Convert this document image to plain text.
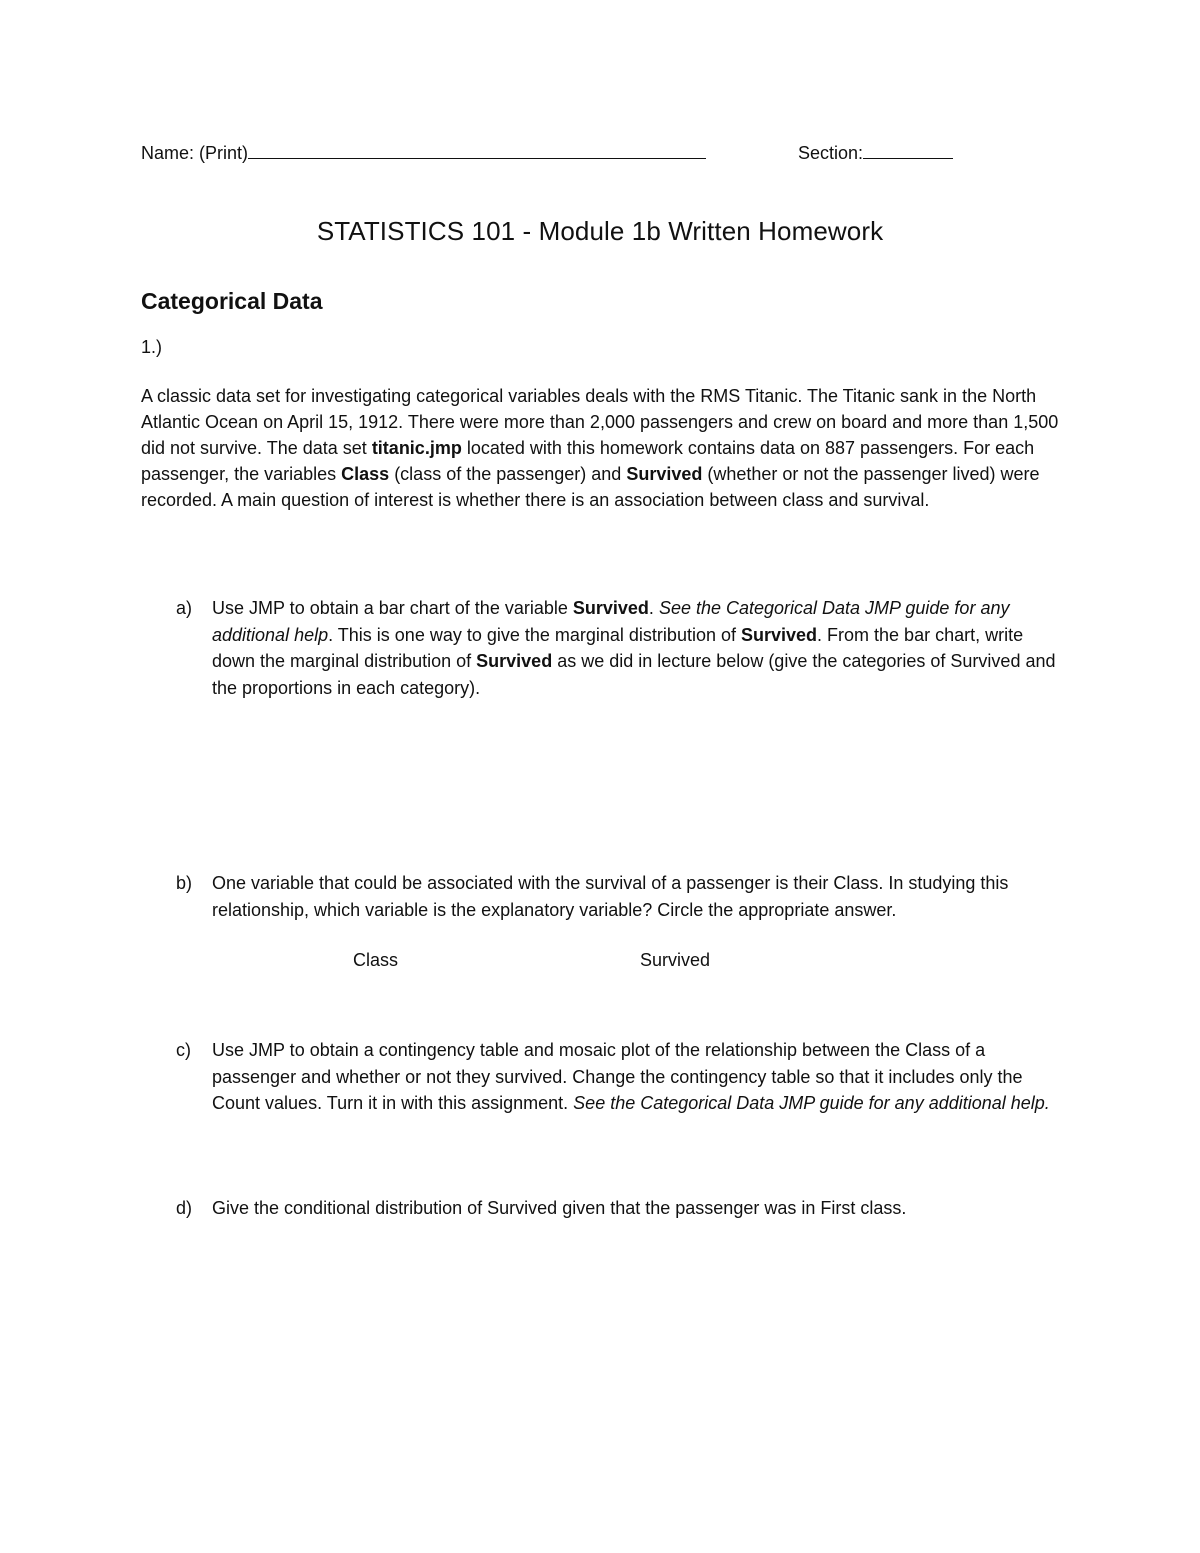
Name: (Print)	Section:
STATISTICS 101 - Module 1b Written Homework
Categorical Data
1.)

A classic data set for investigating categorical variables deals with the RMS Titanic. The Titanic sank in the North Atlantic Ocean on April 15, 1912. There were more than 2,000 passengers and crew on board and more than 1,500 did not survive. The data set titanic.jmp located with this homework contains data on 887 passengers. For each passenger, the variables Class (class of the passenger) and Survived (whether or not the passenger lived) were recorded. A main question of interest is whether there is an association between class and survival.

a) Use JMP to obtain a bar chart of the variable Survived. See the Categorical Data JMP guide for any additional help. This is one way to give the marginal distribution of Survived. From the bar chart, write down the marginal distribution of Survived as we did in lecture below (give the categories of Survived and the proportions in each category).

b) One variable that could be associated with the survival of a passenger is their Class. In studying this relationship, which variable is the explanatory variable? Circle the appropriate answer.

Class	Survived
c) Use JMP to obtain a contingency table and mosaic plot of the relationship between the Class of a passenger and whether or not they survived. Change the contingency table so that it includes only the Count values. Turn it in with this assignment. See the Categorical Data JMP guide for any additional help.

d) Give the conditional distribution of Survived given that the passenger was in First class.
